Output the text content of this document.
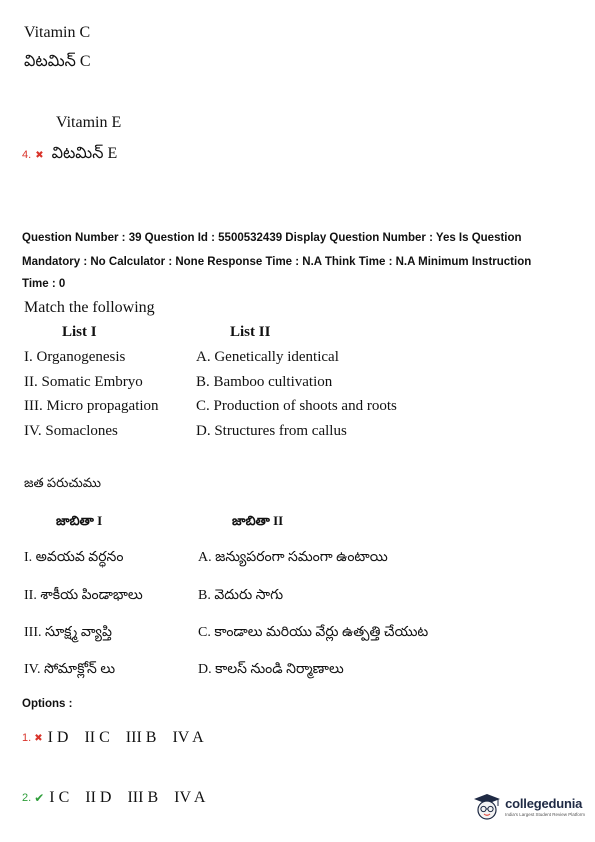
Vitamin C
విటమిన్ C
Vitamin E
4. ✖ విటమిన్ E
Question Number : 39 Question Id : 5500532439 Display Question Number : Yes Is Question
Mandatory : No Calculator : None Response Time : N.A Think Time : N.A Minimum Instruction
Time : 0
Match the following
List I	List II
I. Organogenesis	A. Genetically identical
II. Somatic Embryo	B. Bamboo cultivation
III. Micro propagation C. Production of shoots and roots
IV. Somaclones	D. Structures from callus
జత పరుచుము
జాబితా I	జాబితా II
I. అవయవ వర్ధనం	A. జన్యుపరంగా సమంగా ఉంటాయి
II. శాకీయ పిండాభాలు	B. వెదురు సాగు
III. సూక్ష్మ వ్యాప్తి	C. కాండాలు మరియు వేర్లు ఉత్పత్తి చేయుట
IV. సోమాక్లోన్ లు	D. కాలస్ నుండి నిర్మాణాలు
Options :
1. ✖ I D    II C    III B    IV A
2. ✔ I C    II D    III B    IV A	collegedunia
India's Largest Student Review Platform
